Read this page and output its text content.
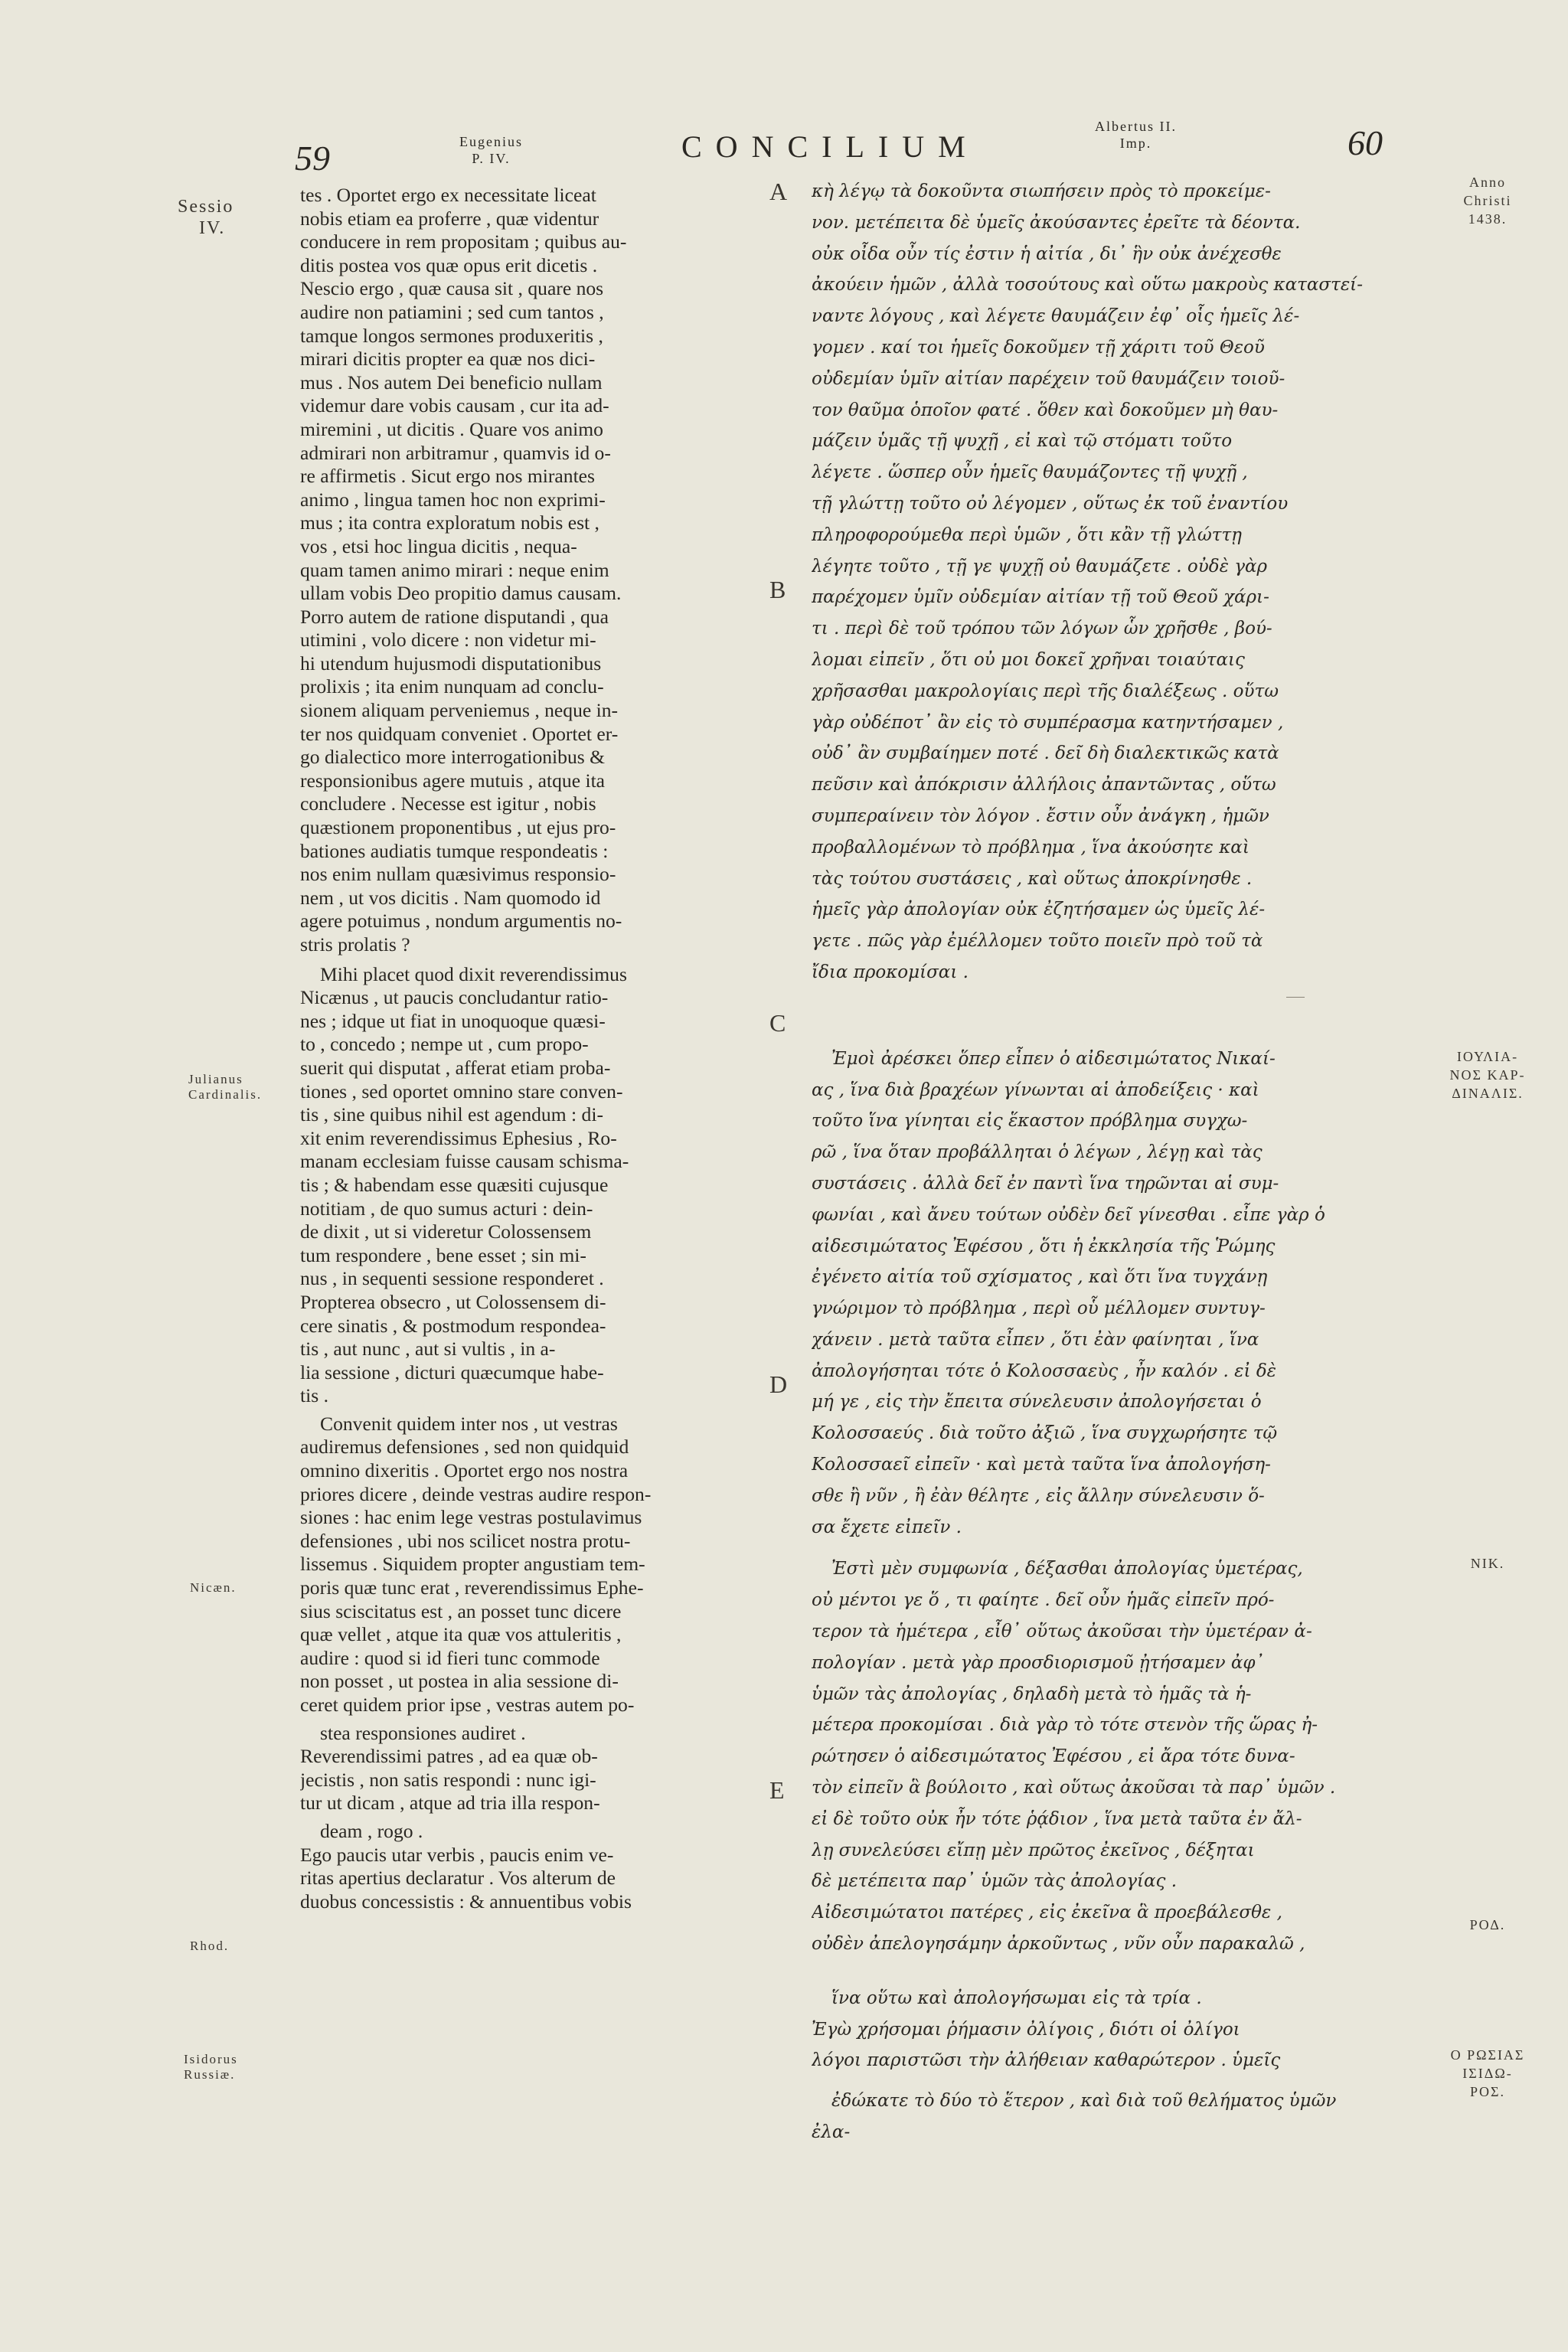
59	Eugenius
P. IV.	CONCILIUM
Albertus II.
Imp.	60
Sessio
IV.
Julianus
Cardinalis.
Nicæn.
Rhod.
Isidorus
Russiæ.
A
B
C
D
E
Anno
Christi
1438.
ΙΟΥΛΙΑ-
ΝΟΣ ΚΑΡ-
ΔΙΝΑΛΙΣ.
ΝΙΚ.
ΡΟΔ.
Ο ΡΩΣΙΑΣ
ΙΣΙΔΩ-
ΡΟΣ.
tes . Oportet ergo ex necessitate liceat
nobis etiam ea proferre , quæ videntur
conducere in rem propositam ; quibus au-
ditis postea vos quæ opus erit dicetis .
Nescio ergo , quæ causa sit , quare nos
audire non patiamini ; sed cum tantos ,
tamque longos sermones produxeritis ,
mirari dicitis propter ea quæ nos dici-
mus . Nos autem Dei beneficio nullam
videmur dare vobis causam , cur ita ad-
miremini , ut dicitis . Quare vos animo
admirari non arbitramur , quamvis id o-
re affirmetis . Sicut ergo nos mirantes
animo , lingua tamen hoc non exprimi-
mus ; ita contra exploratum nobis est ,
vos , etsi hoc lingua dicitis , nequa-
quam tamen animo mirari : neque enim
ullam vobis Deo propitio damus causam.
Porro autem de ratione disputandi , qua
utimini , volo dicere : non videtur mi-
hi utendum hujusmodi disputationibus
prolixis ; ita enim nunquam ad conclu-
sionem aliquam perveniemus , neque in-
ter nos quidquam conveniet . Oportet er-
go dialectico more interrogationibus &
responsionibus agere mutuis , atque ita
concludere . Necesse est igitur , nobis
quæstionem proponentibus , ut ejus pro-
bationes audiatis tumque respondeatis :
nos enim nullam quæsivimus responsio-
nem , ut vos dicitis . Nam quomodo id
agere potuimus , nondum argumentis no-
stris prolatis ?
Mihi placet quod dixit reverendissimus
Nicænus , ut paucis concludantur ratio-
nes ; idque ut fiat in unoquoque quæsi-
to , concedo ; nempe ut , cum propo-
suerit qui disputat , afferat etiam proba-
tiones , sed oportet omnino stare conven-
tis , sine quibus nihil est agendum : di-
xit enim reverendissimus Ephesius , Ro-
manam ecclesiam fuisse causam schisma-
tis ; & habendam esse quæsiti cujusque
notitiam , de quo sumus acturi : dein-
de dixit , ut si videretur Colossensem
tum respondere , bene esset ; sin mi-
nus , in sequenti sessione responderet .
Propterea obsecro , ut Colossensem di-
cere sinatis , & postmodum respondea-
tis , aut nunc , aut si vultis , in a-
lia sessione , dicturi quæcumque habe-
tis .
Convenit quidem inter nos , ut vestras
audiremus defensiones , sed non quidquid
omnino dixeritis . Oportet ergo nos nostra
priores dicere , deinde vestras audire respon-
siones : hac enim lege vestras postulavimus
defensiones , ubi nos scilicet nostra protu-
lissemus . Siquidem propter angustiam tem-
poris quæ tunc erat , reverendissimus Ephe-
sius sciscitatus est , an posset tunc dicere
quæ vellet , atque ita quæ vos attuleritis ,
audire : quod si id fieri tunc commode
non posset , ut postea in alia sessione di-
ceret quidem prior ipse , vestras autem po-
stea responsiones audiret .
Reverendissimi patres , ad ea quæ ob-
jecistis , non satis respondi : nunc igi-
tur ut dicam , atque ad tria illa respon-
deam , rogo .
Ego paucis utar verbis , paucis enim ve-
ritas apertius declaratur . Vos alterum de
duobus concessistis : & annuentibus vobis
κὴ λέγῳ τὰ δοκοῦντα σιωπήσειν πρὸς τὸ προκείμε-
νον. μετέπειτα δὲ ὑμεῖς ἀκούσαντες ἐρεῖτε τὰ δέοντα.
οὐκ οἶδα οὖν τίς ἐστιν ἡ αἰτία , δι᾽ ἣν οὐκ ἀνέχεσθε
ἀκούειν ἡμῶν , ἀλλὰ τοσούτους καὶ οὕτω μακροὺς καταστεί-
ναντε λόγους , καὶ λέγετε θαυμάζειν ἐφ᾽ οἷς ἡμεῖς λέ-
γομεν . καί τοι ἡμεῖς δοκοῦμεν τῇ χάριτι τοῦ Θεοῦ
οὐδεμίαν ὑμῖν αἰτίαν παρέχειν τοῦ θαυμάζειν τοιοῦ-
τον θαῦμα ὁποῖον φατέ . ὅθεν καὶ δοκοῦμεν μὴ θαυ-
μάζειν ὑμᾶς τῇ ψυχῇ , εἰ καὶ τῷ στόματι τοῦτο
λέγετε . ὥσπερ οὖν ἡμεῖς θαυμάζοντες τῇ ψυχῇ ,
τῇ γλώττῃ τοῦτο οὐ λέγομεν , οὕτως ἐκ τοῦ ἐναντίου
πληροφορούμεθα περὶ ὑμῶν , ὅτι κἂν τῇ γλώττῃ
λέγητε τοῦτο , τῇ γε ψυχῇ οὐ θαυμάζετε . οὐδὲ γὰρ
παρέχομεν ὑμῖν οὐδεμίαν αἰτίαν τῇ τοῦ Θεοῦ χάρι-
τι . περὶ δὲ τοῦ τρόπου τῶν λόγων ὧν χρῆσθε , βού-
λομαι εἰπεῖν , ὅτι οὐ μοι δοκεῖ χρῆναι τοιαύταις
χρῆσασθαι μακρολογίαις περὶ τῆς διαλέξεως . οὕτω
γὰρ οὐδέποτ᾽ ἂν εἰς τὸ συμπέρασμα κατηντήσαμεν ,
οὐδ᾽ ἂν συμβαίημεν ποτέ . δεῖ δὴ διαλεκτικῶς κατὰ
πεῦσιν καὶ ἀπόκρισιν ἀλλήλοις ἀπαντῶντας , οὕτω
συμπεραίνειν τὸν λόγον . ἔστιν οὖν ἀνάγκη , ἡμῶν
προβαλλομένων τὸ πρόβλημα , ἵνα ἀκούσητε καὶ
τὰς τούτου συστάσεις , καὶ οὕτως ἀποκρίνησθε .
ἡμεῖς γὰρ ἀπολογίαν οὐκ ἐζητήσαμεν ὡς ὑμεῖς λέ-
γετε . πῶς γὰρ ἐμέλλομεν τοῦτο ποιεῖν πρὸ τοῦ τὰ
ἴδια προκομίσαι .
Ἐμοὶ ἀρέσκει ὅπερ εἶπεν ὁ αἰδεσιμώτατος Νικαί-
ας , ἵνα διὰ βραχέων γίνωνται αἱ ἀποδείξεις · καὶ
τοῦτο ἵνα γίνηται εἰς ἕκαστον πρόβλημα συγχω-
ρῶ , ἵνα ὅταν προβάλληται ὁ λέγων , λέγῃ καὶ τὰς
συστάσεις . ἀλλὰ δεῖ ἐν παντὶ ἵνα τηρῶνται αἱ συμ-
φωνίαι , καὶ ἄνευ τούτων οὐδὲν δεῖ γίνεσθαι . εἶπε γὰρ ὁ
αἰδεσιμώτατος Ἐφέσου , ὅτι ἡ ἐκκλησία τῆς Ῥώμης
ἐγένετο αἰτία τοῦ σχίσματος , καὶ ὅτι ἵνα τυγχάνῃ
γνώριμον τὸ πρόβλημα , περὶ οὗ μέλλομεν συντυγ-
χάνειν . μετὰ ταῦτα εἶπεν , ὅτι ἐὰν φαίνηται , ἵνα
ἀπολογήσηται τότε ὁ Κολοσσαεὺς , ἦν καλόν . εἰ δὲ
μή γε , εἰς τὴν ἔπειτα σύνελευσιν ἀπολογήσεται ὁ
Κολοσσαεύς . διὰ τοῦτο ἀξιῶ , ἵνα συγχωρήσητε τῷ
Κολοσσαεῖ εἰπεῖν · καὶ μετὰ ταῦτα ἵνα ἀπολογήση-
σθε ἢ νῦν , ἢ ἐὰν θέλητε , εἰς ἄλλην σύνελευσιν ὅ-
σα ἔχετε εἰπεῖν .
Ἐστὶ μὲν συμφωνία , δέξασθαι ἀπολογίας ὑμετέρας,
οὐ μέντοι γε ὅ , τι φαίητε . δεῖ οὖν ἡμᾶς εἰπεῖν πρό-
τερον τὰ ἡμέτερα , εἶθ᾽ οὕτως ἀκοῦσαι τὴν ὑμετέραν ἀ-
πολογίαν . μετὰ γὰρ προσδιορισμοῦ ᾐτήσαμεν ἀφ᾽
ὑμῶν τὰς ἀπολογίας , δηλαδὴ μετὰ τὸ ἡμᾶς τὰ ἡ-
μέτερα προκομίσαι . διὰ γὰρ τὸ τότε στενὸν τῆς ὥρας ἠ-
ρώτησεν ὁ αἰδεσιμώτατος Ἐφέσου , εἰ ἄρα τότε δυνα-
τὸν εἰπεῖν ἃ βούλοιτο , καὶ οὕτως ἀκοῦσαι τὰ παρ᾽ ὑμῶν .
εἰ δὲ τοῦτο οὐκ ἦν τότε ῥᾴδιον , ἵνα μετὰ ταῦτα ἐν ἄλ-
λῃ συνελεύσει εἴπῃ μὲν πρῶτος ἐκεῖνος , δέξηται
δὲ μετέπειτα παρ᾽ ὑμῶν τὰς ἀπολογίας .
Αἰδεσιμώτατοι πατέρες , εἰς ἐκεῖνα ἃ προεβάλεσθε ,
οὐδὲν ἀπελογησάμην ἀρκοῦντως , νῦν οὖν παρακαλῶ ,
ἵνα οὕτω καὶ ἀπολογήσωμαι εἰς τὰ τρία .
Ἐγὼ χρήσομαι ῥήμασιν ὀλίγοις , διότι οἱ ὀλίγοι
λόγοι παριστῶσι τὴν ἀλήθειαν καθαρώτερον . ὑμεῖς
ἐδώκατε τὸ δύο τὸ ἕτερον , καὶ διὰ τοῦ θελήματος ὑμῶν
ἐλα-
